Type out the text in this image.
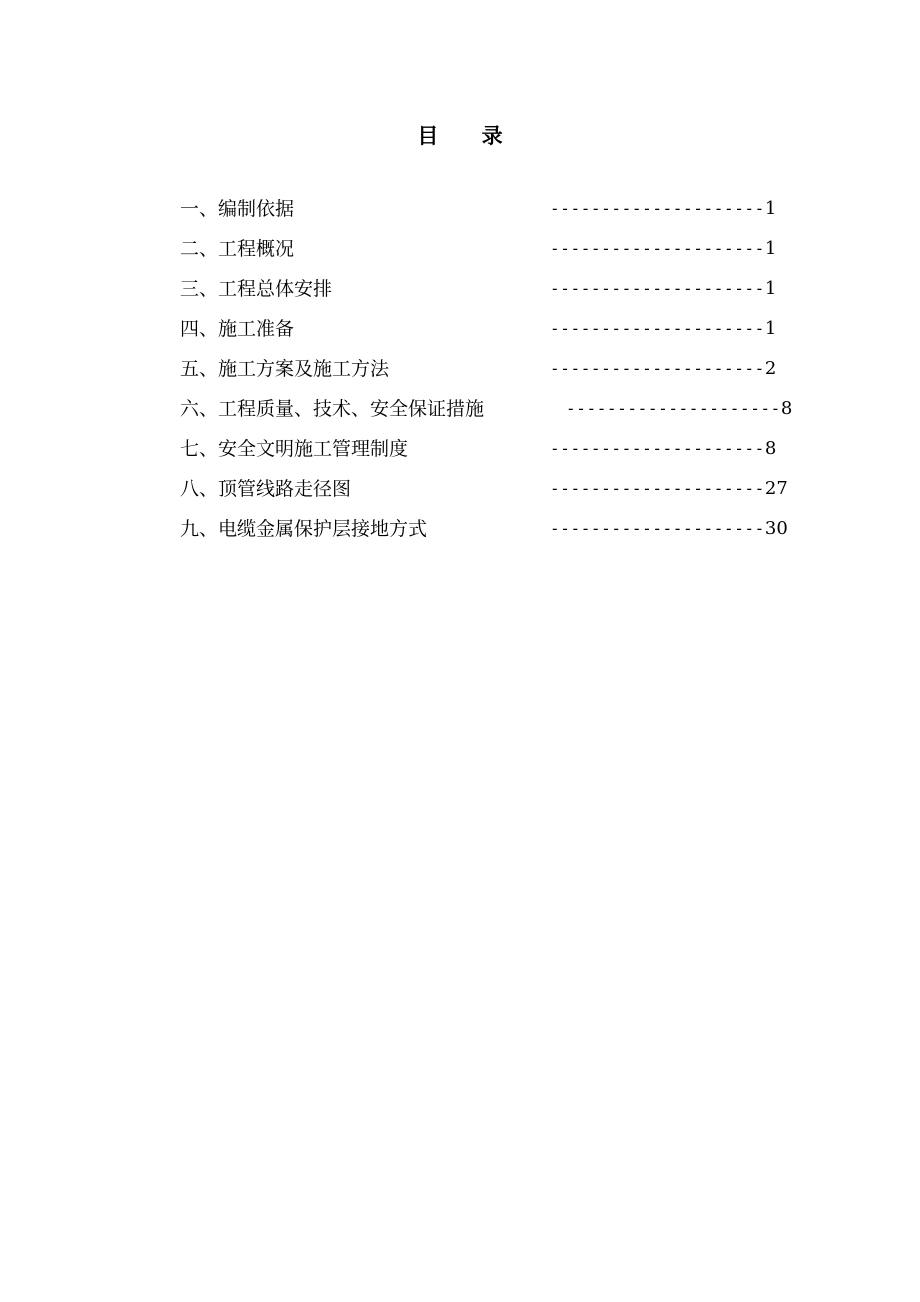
目 录
一、编制依据	---------------------1
二、工程概况	---------------------1
三、工程总体安排	---------------------1
四、施工准备	---------------------1
五、施工方案及施工方法	---------------------2
六、工程质量、技术、安全保证措施	---------------------8
七、安全文明施工管理制度	---------------------8
八、顶管线路走径图	---------------------27
九、电缆金属保护层接地方式	---------------------30
